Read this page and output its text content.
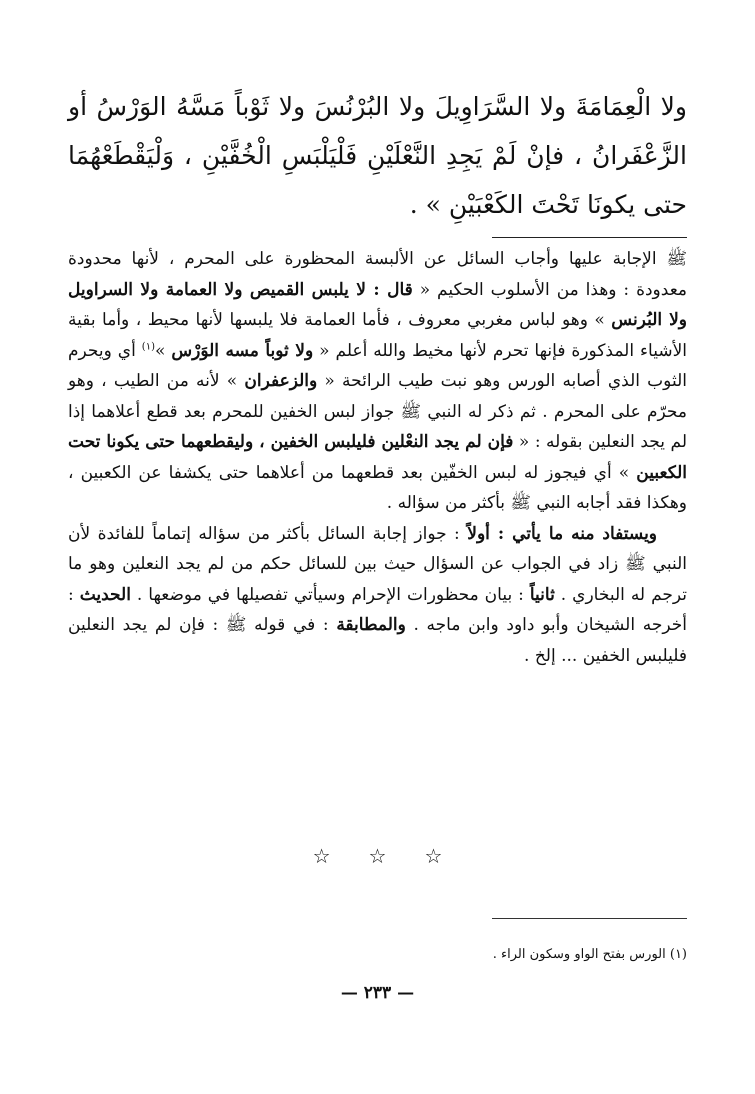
ولا الْعِمَامَةَ ولا السَّرَاوِيلَ ولا البُرْنُسَ ولا ثَوْباً مَسَّهُ الوَرْسُ أو الزَّعْفَرانُ ، فإنْ لَمْ يَجِدِ النَّعْلَيْنِ فَلْيَلْبَسِ الْخُفَّيْنِ ، وَلْيَقْطَعْهُمَا حتى يكونَا تَحْتَ الكَعْبَيْنِ » .

ﷺ الإجابة عليها وأجاب السائل عن الألبسة المحظورة على المحرم ، لأنها محدودة معدودة : وهذا من الأسلوب الحكيم « قال : لا يلبس القميص ولا العمامة ولا السراويل ولا البُرنس » وهو لباس مغربي معروف ، فأما العمامة فلا يلبسها لأنها محيط ، وأما بقية الأشياء المذكورة فإنها تحرم لأنها مخيط والله أعلم « ولا ثوباً مسه الوَرْس »$^{(١)}$ أي ويحرم الثوب الذي أصابه الورس وهو نبت طيب الرائحة « والزعفران » لأنه من الطيب ، وهو محرّم على المحرم . ثم ذكر له النبي ﷺ جواز لبس الخفين للمحرم بعد قطع أعلاهما إذا لم يجد النعلين بقوله : « فإن لم يجد النعْلين فليلبس الخفين ، وليقطعهما حتى يكونا تحت الكعبين » أي فيجوز له لبس الخفّين بعد قطعهما من أعلاهما حتى يكشفا عن الكعبين ، وهكذا فقد أجابه النبي ﷺ بأكثر من سؤاله .

ويستفاد منه ما يأتي : أولاً : جواز إجابة السائل بأكثر من سؤاله إتماماً للفائدة لأن النبي ﷺ زاد في الجواب عن السؤال حيث بين للسائل حكم من لم يجد النعلين وهو ما ترجم له البخاري . ثانياً : بيان محظورات الإحرام وسيأتي تفصيلها في موضعها . الحديث : أخرجه الشيخان وأبو داود وابن ماجه . والمطابقة : في قوله ﷺ : فإن لم يجد النعلين فليلبس الخفين ... إلخ .

☆ ☆ ☆
(١) الورس بفتح الواو وسكون الراء .
— ٢٣٣ —
